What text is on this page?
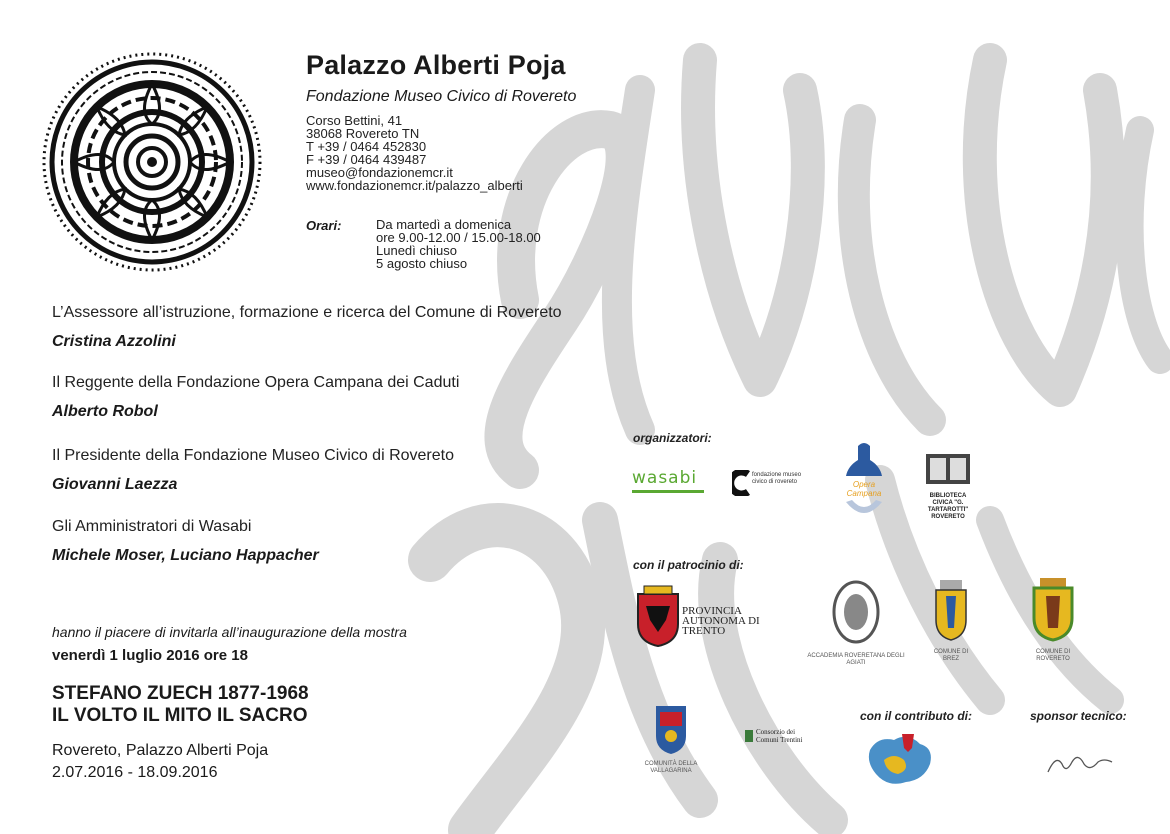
Palazzo Alberti Poja
Fondazione Museo Civico di Rovereto
Corso Bettini, 41
38068 Rovereto TN
T +39 / 0464 452830
F +39 / 0464 439487
museo@fondazionemcr.it
www.fondazionemcr.it/palazzo_alberti
Orari:	Da martedì a domenica
ore 9.00-12.00 / 15.00-18.00
Lunedì chiuso
5 agosto chiuso
L’Assessore all’istruzione, formazione e ricerca del Comune di Rovereto
Cristina Azzolini
Il Reggente della Fondazione Opera Campana dei Caduti
Alberto Robol
Il Presidente della Fondazione Museo Civico di Rovereto
Giovanni Laezza
Gli Amministratori di Wasabi
Michele Moser, Luciano Happacher
hanno il piacere di invitarla all’inaugurazione della mostra
venerdì 1 luglio 2016 ore 18
STEFANO ZUECH 1877-1968
IL VOLTO IL MITO IL SACRO
Rovereto, Palazzo Alberti Poja
2.07.2016 - 18.09.2016
organizzatori:
wasabi	fondazione museo civico di rovereto	Opera Campana	BIBLIOTECA CIVICA "G. TARTAROTTI" ROVERETO
con il patrocinio di:
PROVINCIA AUTONOMA DI TRENTO
ACCADEMIA ROVERETANA DEGLI AGIATI
COMUNE DI BREZ
COMUNE DI ROVERETO
COMUNITÀ DELLA VALLAGARINA
Consorzio dei Comuni Trentini
con il contributo di:	sponsor tecnico:
